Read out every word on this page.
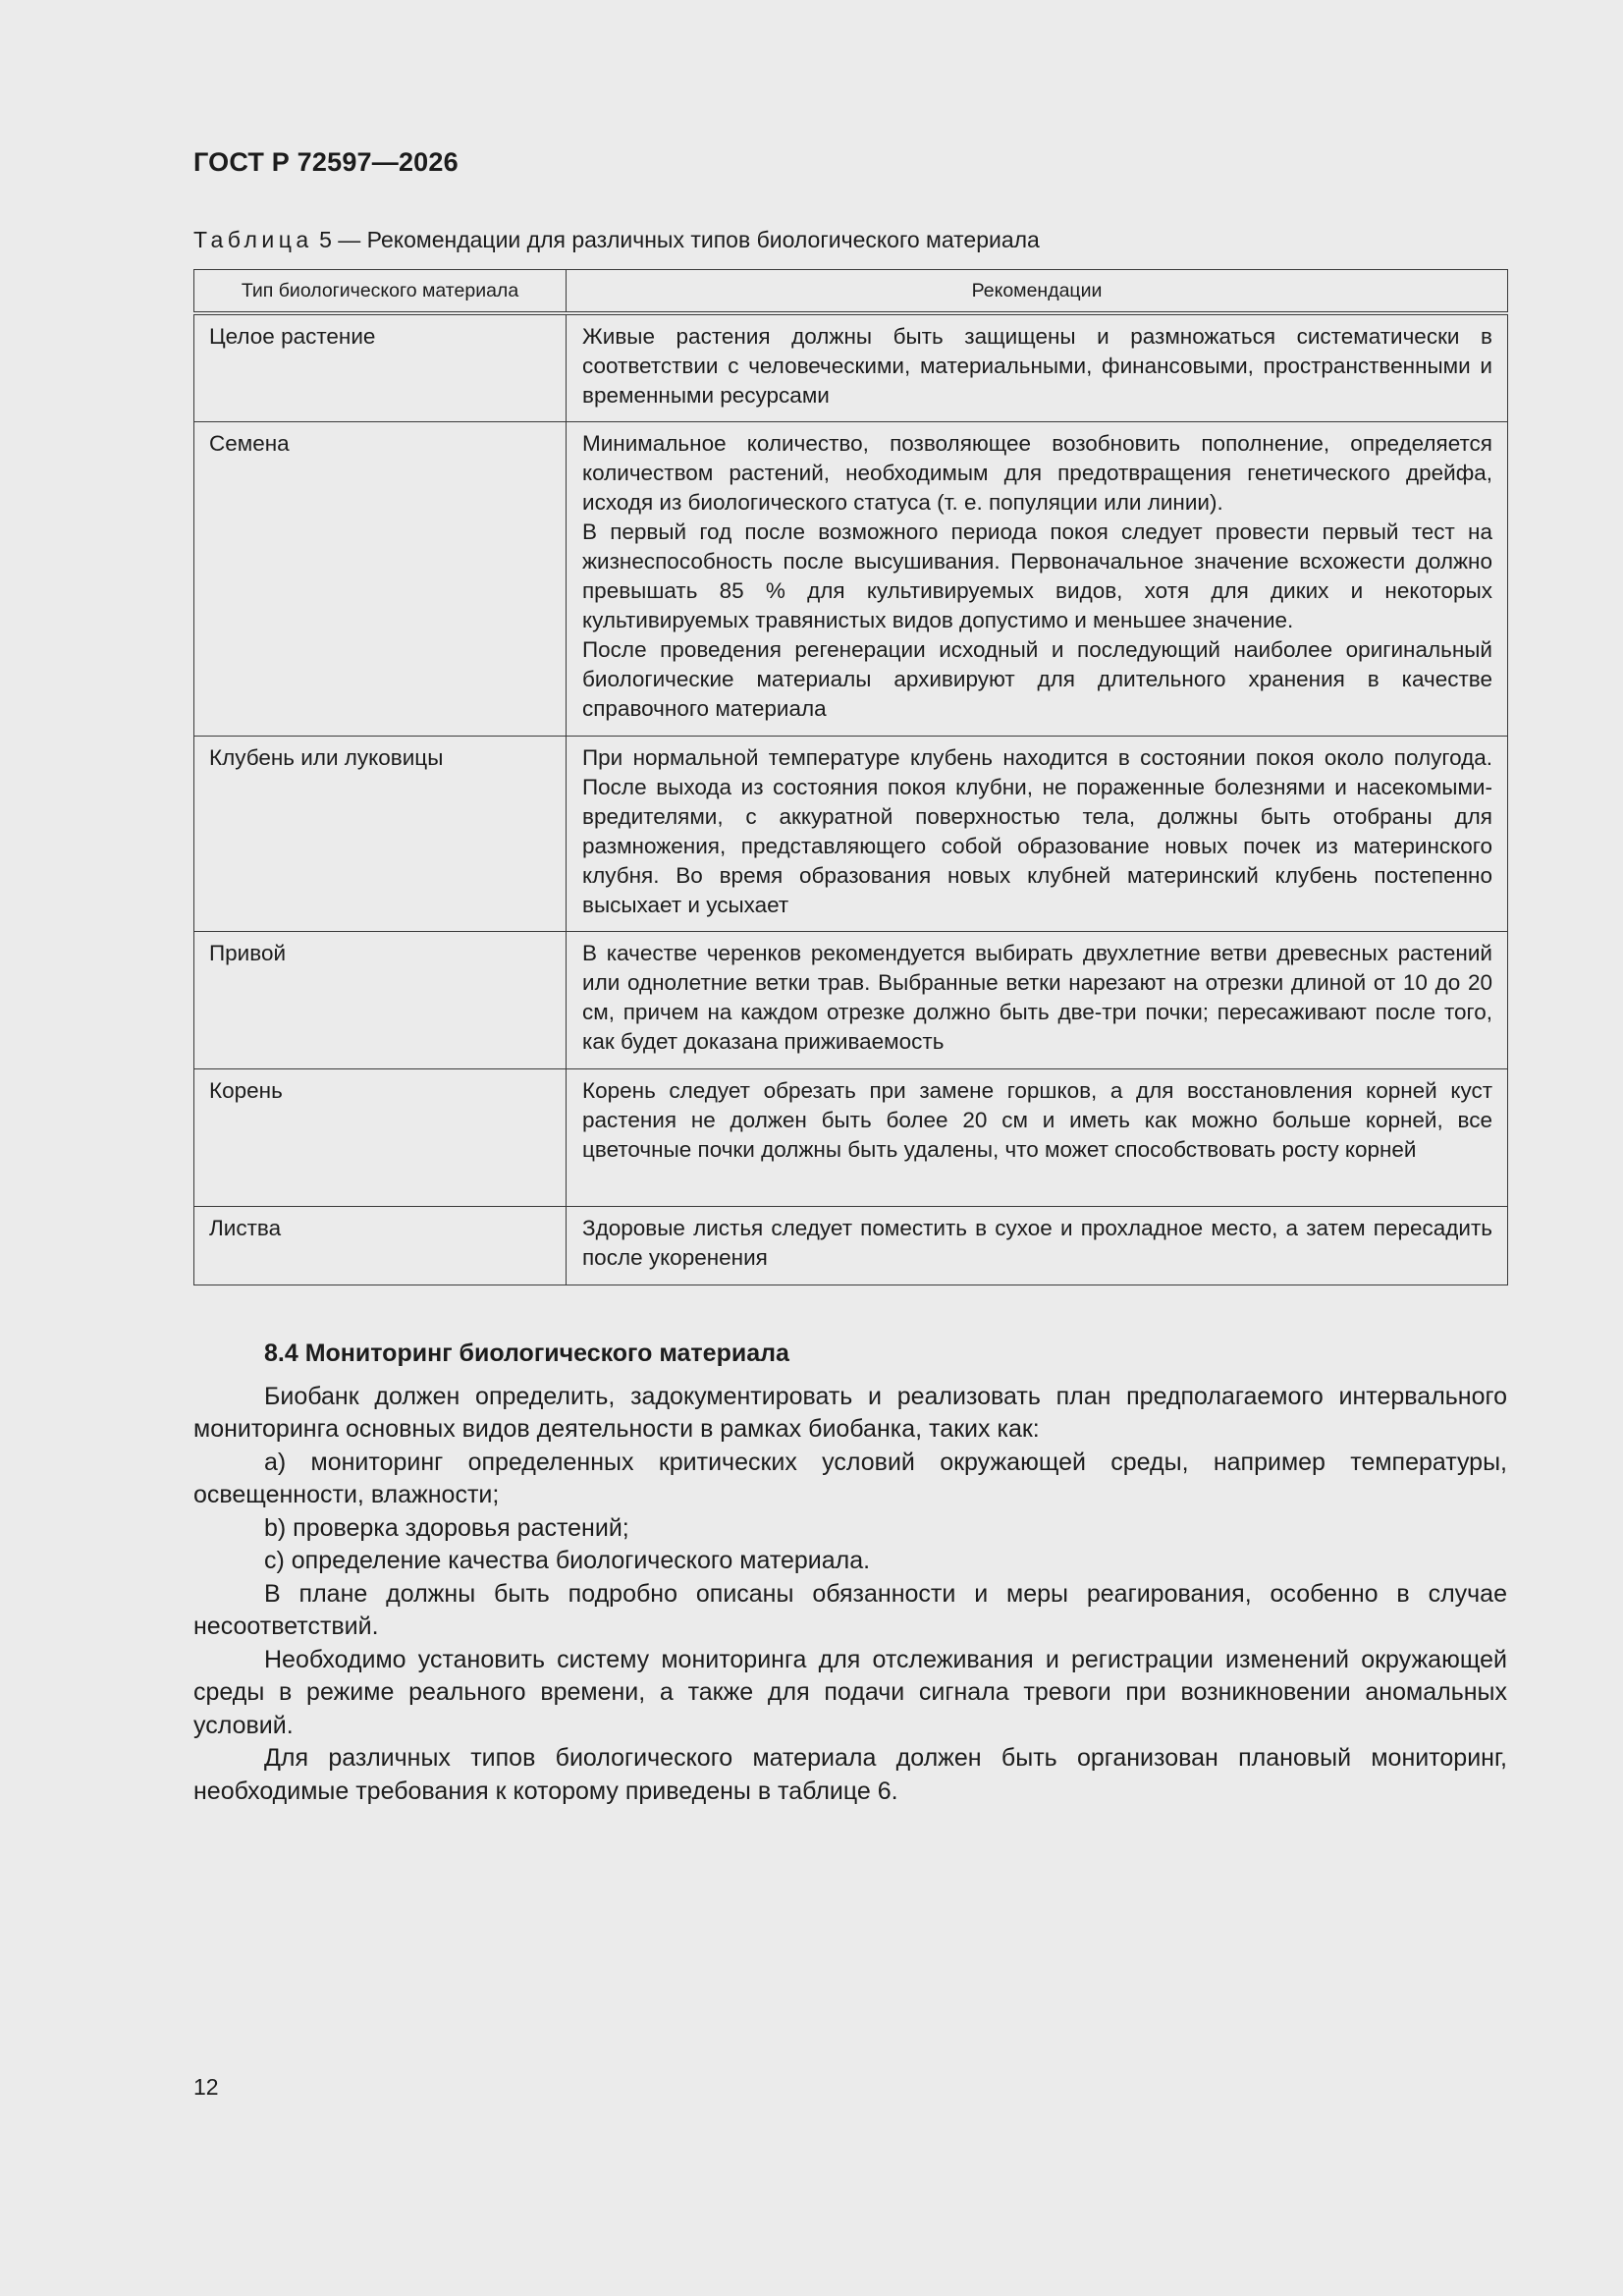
ГОСТ Р 72597—2026
Таблица 5 — Рекомендации для различных типов биологического материала
Тип биологического материала	Рекомендации
Целое растение	Живые растения должны быть защищены и размножаться систематически в соответствии с человеческими, материальными, финансовыми, пространственными и временными ресурсами

Семена	Минимальное количество, позволяющее возобновить пополнение, определяется количеством растений, необходимым для предотвращения генетического дрейфа, исходя из биологического статуса (т. е. популяции или линии).

В первый год после возможного периода покоя следует провести первый тест на жизнеспособность после высушивания. Первоначальное значение всхожести должно превышать 85 % для культивируемых видов, хотя для диких и некоторых культивируемых травянистых видов допустимо и меньшее значение.

После проведения регенерации исходный и последующий наиболее оригинальный биологические материалы архивируют для длительного хранения в качестве справочного материала

Клубень или луковицы	При нормальной температуре клубень находится в состоянии покоя около полугода. После выхода из состояния покоя клубни, не пораженные болезнями и насекомыми-вредителями, с аккуратной поверхностью тела, должны быть отобраны для размножения, представляющего собой образование новых почек из материнского клубня. Во время образования новых клубней материнский клубень постепенно высыхает и усыхает

Привой	В качестве черенков рекомендуется выбирать двухлетние ветви древесных растений или однолетние ветки трав. Выбранные ветки нарезают на отрезки длиной от 10 до 20 см, причем на каждом отрезке должно быть две-три почки; пересаживают после того, как будет доказана приживаемость

Корень	Корень следует обрезать при замене горшков, а для восстановления корней куст растения не должен быть более 20 см и иметь как можно больше корней, все цветочные почки должны быть удалены, что может способствовать росту корней

Листва	Здоровые листья следует поместить в сухое и прохладное место, а затем пересадить после укоренения

8.4 Мониторинг биологического материала

Биобанк должен определить, задокументировать и реализовать план предполагаемого интервального мониторинга основных видов деятельности в рамках биобанка, таких как:

a) мониторинг определенных критических условий окружающей среды, например температуры, освещенности, влажности;

b) проверка здоровья растений;

c) определение качества биологического материала.

В плане должны быть подробно описаны обязанности и меры реагирования, особенно в случае несоответствий.

Необходимо установить систему мониторинга для отслеживания и регистрации изменений окружающей среды в режиме реального времени, а также для подачи сигнала тревоги при возникновении аномальных условий.

Для различных типов биологического материала должен быть организован плановый мониторинг, необходимые требования к которому приведены в таблице 6.

12
